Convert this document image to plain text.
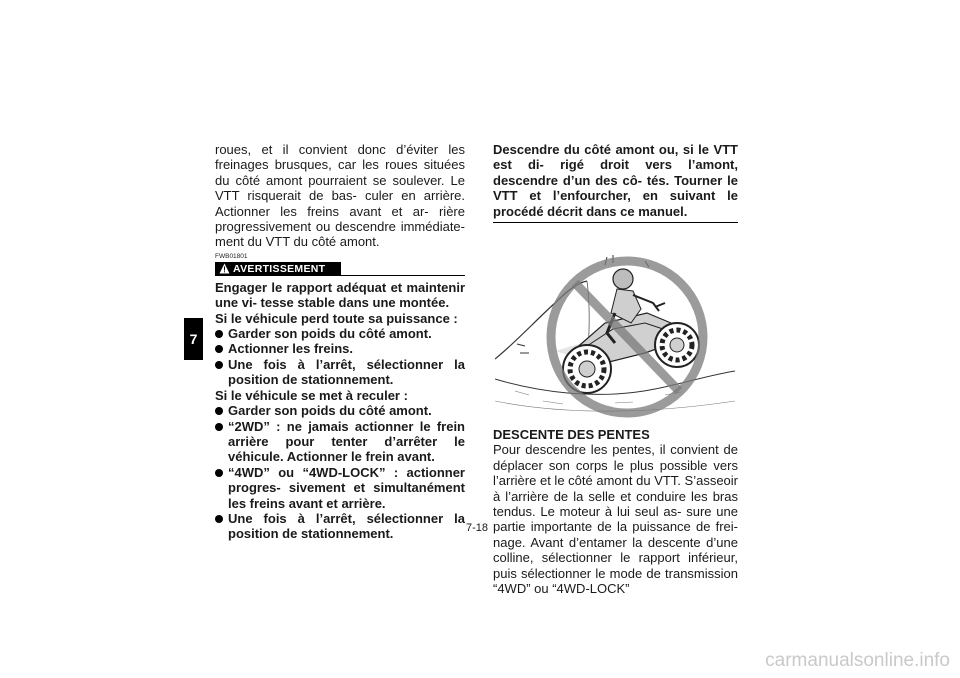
7

roues, et il convient donc d’éviter les freinages brusques, car les roues situées du côté amont pourraient se soulever. Le VTT risquerait de bas- culer en arrière. Actionner les freins avant et ar- rière progressivement ou descendre immédiate- ment du VTT du côté amont.

FWB01801
AVERTISSEMENT

Engager le rapport adéquat et maintenir une vi- tesse stable dans une montée.

Si le véhicule perd toute sa puissance :
Garder son poids du côté amont.
Actionner les freins.
Une fois à l’arrêt, sélectionner la position de stationnement.
Si le véhicule se met à reculer :
Garder son poids du côté amont.
“2WD” : ne jamais actionner le frein arrière pour tenter d’arrêter le véhicule. Actionner le frein avant.
“4WD” ou “4WD-LOCK” : actionner progres- sivement et simultanément les freins avant et arrière.
Une fois à l’arrêt, sélectionner la position de stationnement.

Descendre du côté amont ou, si le VTT est di- rigé droit vers l’amont, descendre d’un des cô- tés. Tourner le VTT et l’enfourcher, en suivant le procédé décrit dans ce manuel.

DESCENTE DES PENTES

Pour descendre les pentes, il convient de déplacer son corps le plus possible vers l’arrière et le côté amont du VTT. S’asseoir à l’arrière de la selle et conduire les bras tendus. Le moteur à lui seul as- sure une partie importante de la puissance de frei- nage. Avant d’entamer la descente d’une colline, sélectionner le rapport inférieur, puis sélectionner le mode de transmission “4WD” ou “4WD-LOCK”

7-18
carmanualsonline.info
